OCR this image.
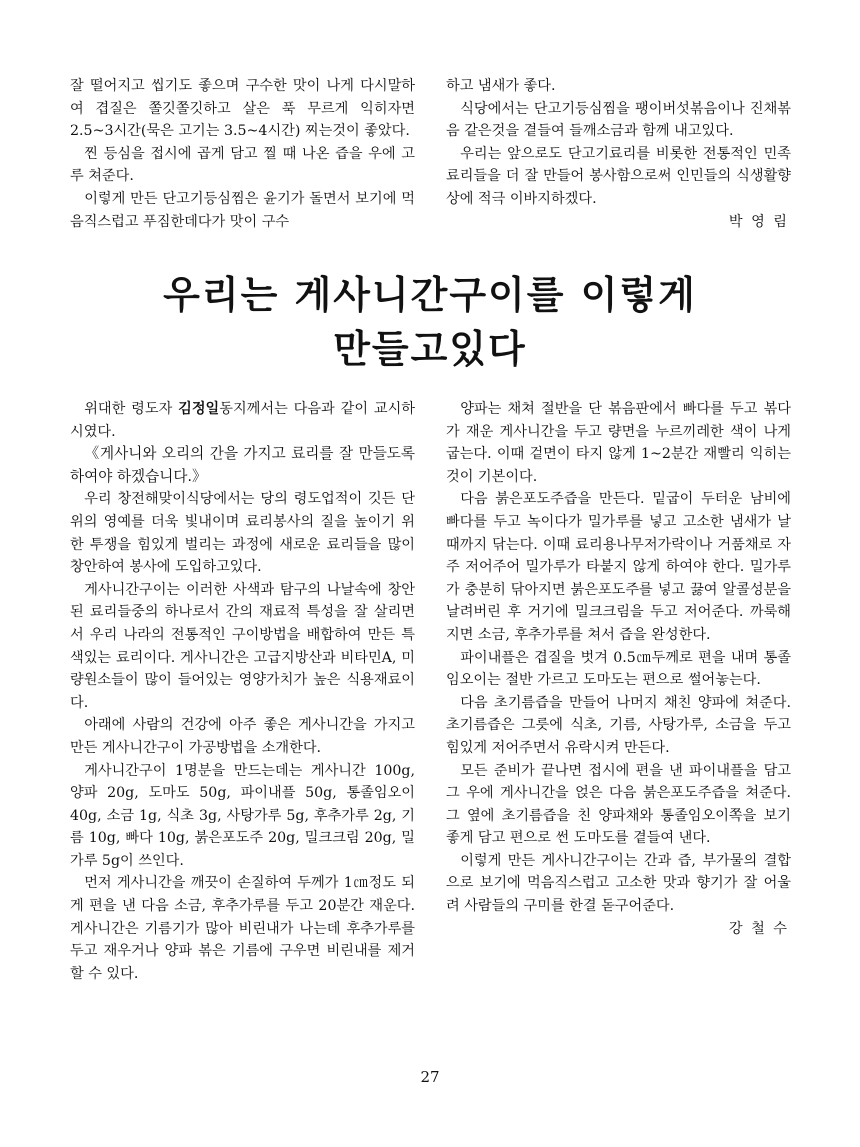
잘 떨어지고 씹기도 좋으며 구수한 맛이 나게 다시말하여 겹질은 쫄깃쫄깃하고 살은 푹 무르게 익히자면 2.5~3시간(묵은 고기는 3.5~4시간) 찌는것이 좋았다.

찐 등심을 접시에 곱게 담고 찔 때 나온 즙을 우에 고루 쳐준다.

이렇게 만든 단고기등심찜은 윤기가 돌면서 보기에 먹음직스럽고 푸짐한데다가 맛이 구수

하고 냄새가 좋다.

식당에서는 단고기등심찜을 팽이버섯볶음이나 진채볶음 같은것을 곁들여 들깨소금과 함께 내고있다.

우리는 앞으로도 단고기료리를 비롯한 전통적인 민족료리들을 더 잘 만들어 봉사함으로써 인민들의 식생활향상에 적극 이바지하겠다.

박 영 림

우리는 게사니간구이를 이렇게
만들고있다

위대한 령도자 김정일동지께서는 다음과 같이 교시하시였다.

《게사니와 오리의 간을 가지고 료리를 잘 만들도록 하여야 하겠습니다.》

우리 창전해맞이식당에서는 당의 령도업적이 깃든 단위의 영예를 더욱 빛내이며 료리봉사의 질을 높이기 위한 투쟁을 힘있게 벌리는 과정에 새로운 료리들을 많이 창안하여 봉사에 도입하고있다.

게사니간구이는 이러한 사색과 탐구의 나날속에 창안된 료리들중의 하나로서 간의 재료적 특성을 잘 살리면서 우리 나라의 전통적인 구이방법을 배합하여 만든 특색있는 료리이다. 게사니간은 고급지방산과 비타민A, 미량원소들이 많이 들어있는 영양가치가 높은 식용재료이다.

아래에 사람의 건강에 아주 좋은 게사니간을 가지고 만든 게사니간구이 가공방법을 소개한다.

게사니간구이 1명분을 만드는데는 게사니간 100g, 양파 20g, 도마도 50g, 파이내플 50g, 통졸임오이 40g, 소금 1g, 식초 3g, 사탕가루 5g, 후추가루 2g, 기름 10g, 빠다 10g, 붉은포도주 20g, 밀크크림 20g, 밀가루 5g이 쓰인다.

먼저 게사니간을 깨끗이 손질하여 두께가 1㎝정도 되게 편을 낸 다음 소금, 후추가루를 두고 20분간 재운다. 게사니간은 기름기가 많아 비린내가 나는데 후추가루를 두고 재우거나 양파 볶은 기름에 구우면 비린내를 제거할 수 있다.

양파는 채쳐 절반을 단 볶음판에서 빠다를 두고 볶다가 재운 게사니간을 두고 량면을 누르끼레한 색이 나게 굽는다. 이때 겉면이 타지 않게 1~2분간 재빨리 익히는것이 기본이다.

다음 붉은포도주즙을 만든다. 밑굽이 두터운 남비에 빠다를 두고 녹이다가 밀가루를 넣고 고소한 냄새가 날 때까지 닦는다. 이때 료리용나무저가락이나 거품채로 자주 저어주어 밀가루가 타붙지 않게 하여야 한다. 밀가루가 충분히 닦아지면 붉은포도주를 넣고 끓여 알콜성분을 날려버린 후 거기에 밀크크림을 두고 저어준다. 까룩해지면 소금, 후추가루를 쳐서 즙을 완성한다.

파이내플은 겹질을 벗겨 0.5㎝두께로 편을 내며 통졸임오이는 절반 가르고 도마도는 편으로 썰어놓는다.

다음 초기름즙을 만들어 나머지 채친 양파에 쳐준다. 초기름즙은 그릇에 식초, 기름, 사탕가루, 소금을 두고 힘있게 저어주면서 유락시켜 만든다.

모든 준비가 끝나면 접시에 편을 낸 파이내플을 담고 그 우에 게사니간을 얹은 다음 붉은포도주즙을 쳐준다. 그 옆에 초기름즙을 친 양파채와 통졸임오이쪽을 보기 좋게 담고 편으로 썬 도마도를 곁들여 낸다.

이렇게 만든 게사니간구이는 간과 즙, 부가물의 결합으로 보기에 먹음직스럽고 고소한 맛과 향기가 잘 어울려 사람들의 구미를 한결 돋구어준다.

강 철 수

27
